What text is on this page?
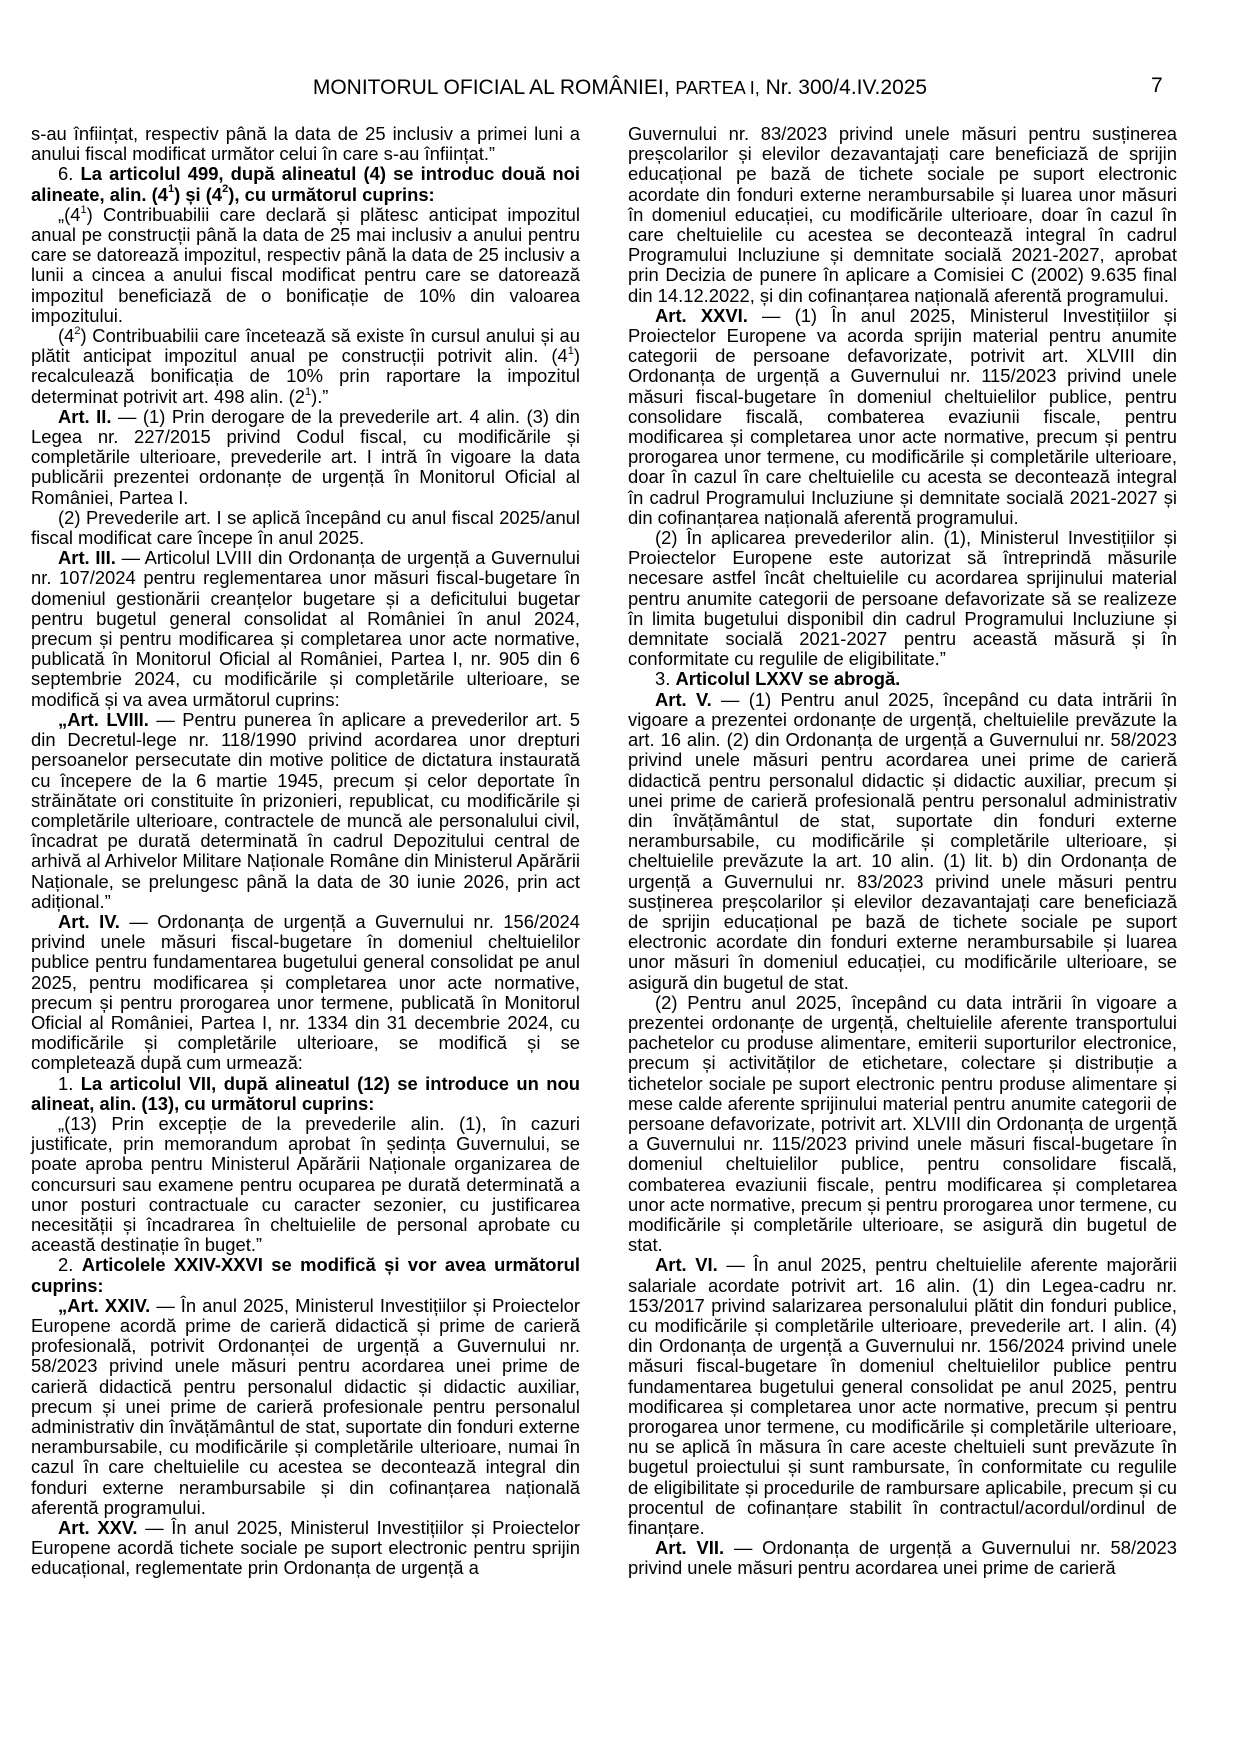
MONITORUL OFICIAL AL ROMÂNIEI, PARTEA I, Nr. 300/4.IV.2025	7

s-au înființat, respectiv până la data de 25 inclusiv a primei luni a anului fiscal modificat următor celui în care s-au înființat.”

6. La articolul 499, după alineatul (4) se introduc două noi alineate, alin. $(4^1)$ și $(4^2)$, cu următorul cuprins:

$„(4^1)$ Contribuabilii care declară și plătesc anticipat impozitul anual pe construcții până la data de 25 mai inclusiv a anului pentru care se datorează impozitul, respectiv până la data de 25 inclusiv a lunii a cincea a anului fiscal modificat pentru care se datorează impozitul beneficiază de o bonificație de 10% din valoarea impozitului.

$(4^2)$ Contribuabilii care încetează să existe în cursul anului și au plătit anticipat impozitul anual pe construcții potrivit alin. $(4^1)$ recalculează bonificația de 10% prin raportare la impozitul determinat potrivit art. 498 alin. $(2^1)$.”

Art. II. — (1) Prin derogare de la prevederile art. 4 alin. (3) din Legea nr. 227/2015 privind Codul fiscal, cu modificările și completările ulterioare, prevederile art. I intră în vigoare la data publicării prezentei ordonanțe de urgență în Monitorul Oficial al României, Partea I.

(2) Prevederile art. I se aplică începând cu anul fiscal 2025/anul fiscal modificat care începe în anul 2025.

Art. III. — Articolul LVIII din Ordonanța de urgență a Guvernului nr. 107/2024 pentru reglementarea unor măsuri fiscal-bugetare în domeniul gestionării creanțelor bugetare și a deficitului bugetar pentru bugetul general consolidat al României în anul 2024, precum și pentru modificarea și completarea unor acte normative, publicată în Monitorul Oficial al României, Partea I, nr. 905 din 6 septembrie 2024, cu modificările și completările ulterioare, se modifică și va avea următorul cuprins:

„Art. LVIII. — Pentru punerea în aplicare a prevederilor art. 5 din Decretul-lege nr. 118/1990 privind acordarea unor drepturi persoanelor persecutate din motive politice de dictatura instaurată cu începere de la 6 martie 1945, precum și celor deportate în străinătate ori constituite în prizonieri, republicat, cu modificările și completările ulterioare, contractele de muncă ale personalului civil, încadrat pe durată determinată în cadrul Depozitului central de arhivă al Arhivelor Militare Naționale Române din Ministerul Apărării Naționale, se prelungesc până la data de 30 iunie 2026, prin act adițional.”

Art. IV. — Ordonanța de urgență a Guvernului nr. 156/2024 privind unele măsuri fiscal-bugetare în domeniul cheltuielilor publice pentru fundamentarea bugetului general consolidat pe anul 2025, pentru modificarea și completarea unor acte normative, precum și pentru prorogarea unor termene, publicată în Monitorul Oficial al României, Partea I, nr. 1334 din 31 decembrie 2024, cu modificările și completările ulterioare, se modifică și se completează după cum urmează:

1. La articolul VII, după alineatul (12) se introduce un nou alineat, alin. (13), cu următorul cuprins:

„(13) Prin excepție de la prevederile alin. (1), în cazuri justificate, prin memorandum aprobat în ședința Guvernului, se poate aproba pentru Ministerul Apărării Naționale organizarea de concursuri sau examene pentru ocuparea pe durată determinată a unor posturi contractuale cu caracter sezonier, cu justificarea necesității și încadrarea în cheltuielile de personal aprobate cu această destinație în buget.”

2. Articolele XXIV-XXVI se modifică și vor avea următorul cuprins:

„Art. XXIV. — În anul 2025, Ministerul Investițiilor și Proiectelor Europene acordă prime de carieră didactică și prime de carieră profesională, potrivit Ordonanței de urgență a Guvernului nr. 58/2023 privind unele măsuri pentru acordarea unei prime de carieră didactică pentru personalul didactic și didactic auxiliar, precum și unei prime de carieră profesionale pentru personalul administrativ din învățământul de stat, suportate din fonduri externe nerambursabile, cu modificările și completările ulterioare, numai în cazul în care cheltuielile cu acestea se decontează integral din fonduri externe nerambursabile și din cofinanțarea națională aferentă programului.

Art. XXV. — În anul 2025, Ministerul Investițiilor și Proiectelor Europene acordă tichete sociale pe suport electronic pentru sprijin educațional, reglementate prin Ordonanța de urgență a

Guvernului nr. 83/2023 privind unele măsuri pentru susținerea preșcolarilor și elevilor dezavantajați care beneficiază de sprijin educațional pe bază de tichete sociale pe suport electronic acordate din fonduri externe nerambursabile și luarea unor măsuri în domeniul educației, cu modificările ulterioare, doar în cazul în care cheltuielile cu acestea se decontează integral în cadrul Programului Incluziune și demnitate socială 2021-2027, aprobat prin Decizia de punere în aplicare a Comisiei C (2002) 9.635 final din 14.12.2022, și din cofinanțarea națională aferentă programului.

Art. XXVI. — (1) În anul 2025, Ministerul Investițiilor și Proiectelor Europene va acorda sprijin material pentru anumite categorii de persoane defavorizate, potrivit art. XLVIII din Ordonanța de urgență a Guvernului nr. 115/2023 privind unele măsuri fiscal-bugetare în domeniul cheltuielilor publice, pentru consolidare fiscală, combaterea evaziunii fiscale, pentru modificarea și completarea unor acte normative, precum și pentru prorogarea unor termene, cu modificările și completările ulterioare, doar în cazul în care cheltuielile cu acesta se decontează integral în cadrul Programului Incluziune și demnitate socială 2021-2027 și din cofinanțarea națională aferentă programului.

(2) În aplicarea prevederilor alin. (1), Ministerul Investițiilor și Proiectelor Europene este autorizat să întreprindă măsurile necesare astfel încât cheltuielile cu acordarea sprijinului material pentru anumite categorii de persoane defavorizate să se realizeze în limita bugetului disponibil din cadrul Programului Incluziune și demnitate socială 2021-2027 pentru această măsură și în conformitate cu regulile de eligibilitate.”

3. Articolul LXXV se abrogă.

Art. V. — (1) Pentru anul 2025, începând cu data intrării în vigoare a prezentei ordonanțe de urgență, cheltuielile prevăzute la art. 16 alin. (2) din Ordonanța de urgență a Guvernului nr. 58/2023 privind unele măsuri pentru acordarea unei prime de carieră didactică pentru personalul didactic și didactic auxiliar, precum și unei prime de carieră profesională pentru personalul administrativ din învățământul de stat, suportate din fonduri externe nerambursabile, cu modificările și completările ulterioare, și cheltuielile prevăzute la art. 10 alin. (1) lit. b) din Ordonanța de urgență a Guvernului nr. 83/2023 privind unele măsuri pentru susținerea preșcolarilor și elevilor dezavantajați care beneficiază de sprijin educațional pe bază de tichete sociale pe suport electronic acordate din fonduri externe nerambursabile și luarea unor măsuri în domeniul educației, cu modificările ulterioare, se asigură din bugetul de stat.

(2) Pentru anul 2025, începând cu data intrării în vigoare a prezentei ordonanțe de urgență, cheltuielile aferente transportului pachetelor cu produse alimentare, emiterii suporturilor electronice, precum și activităților de etichetare, colectare și distribuție a tichetelor sociale pe suport electronic pentru produse alimentare și mese calde aferente sprijinului material pentru anumite categorii de persoane defavorizate, potrivit art. XLVIII din Ordonanța de urgență a Guvernului nr. 115/2023 privind unele măsuri fiscal-bugetare în domeniul cheltuielilor publice, pentru consolidare fiscală, combaterea evaziunii fiscale, pentru modificarea și completarea unor acte normative, precum și pentru prorogarea unor termene, cu modificările și completările ulterioare, se asigură din bugetul de stat.

Art. VI. — În anul 2025, pentru cheltuielile aferente majorării salariale acordate potrivit art. 16 alin. (1) din Legea-cadru nr. 153/2017 privind salarizarea personalului plătit din fonduri publice, cu modificările și completările ulterioare, prevederile art. I alin. (4) din Ordonanța de urgență a Guvernului nr. 156/2024 privind unele măsuri fiscal-bugetare în domeniul cheltuielilor publice pentru fundamentarea bugetului general consolidat pe anul 2025, pentru modificarea și completarea unor acte normative, precum și pentru prorogarea unor termene, cu modificările și completările ulterioare, nu se aplică în măsura în care aceste cheltuieli sunt prevăzute în bugetul proiectului și sunt rambursate, în conformitate cu regulile de eligibilitate și procedurile de rambursare aplicabile, precum și cu procentul de cofinanțare stabilit în contractul/acordul/ordinul de finanțare.

Art. VII. — Ordonanța de urgență a Guvernului nr. 58/2023 privind unele măsuri pentru acordarea unei prime de carieră
